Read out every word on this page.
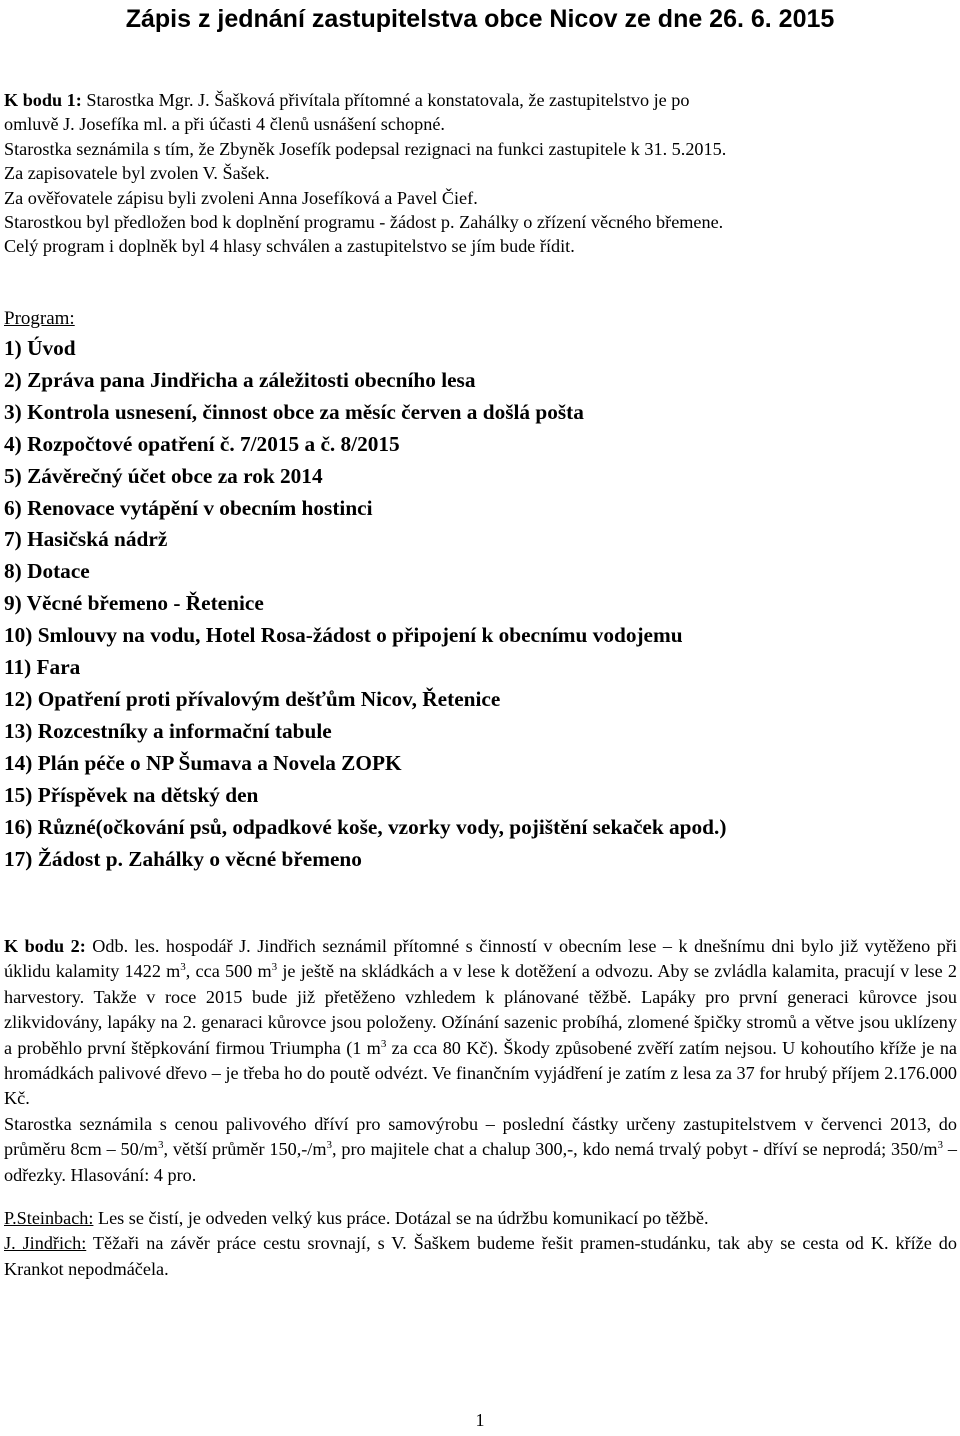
Zápis z jednání zastupitelstva obce Nicov ze dne 26. 6. 2015

K bodu 1: Starostka Mgr. J. Šašková přivítala přítomné a konstatovala, že zastupitelstvo je po

omluvě J. Josefíka ml. a při účasti 4 členů usnášení schopné.

Starostka seznámila s tím, že Zbyněk Josefík podepsal rezignaci na funkci zastupitele k 31. 5.2015.

Za zapisovatele byl zvolen V. Šašek.

Za ověřovatele zápisu byli zvoleni Anna Josefíková a Pavel Čief.

Starostkou byl předložen bod k doplnění programu - žádost p. Zahálky o zřízení věcného břemene.

Celý program i doplněk byl 4 hlasy schválen a zastupitelstvo se jím bude řídit.

Program:

1) Úvod
2) Zpráva pana Jindřicha a záležitosti obecního lesa
3) Kontrola usnesení, činnost obce za měsíc červen a došlá pošta
4) Rozpočtové opatření č. 7/2015 a č. 8/2015
5) Závěrečný účet obce za rok 2014
6) Renovace vytápění v obecním hostinci
7) Hasičská nádrž
8) Dotace
9) Věcné břemeno - Řetenice
10) Smlouvy na vodu, Hotel Rosa-žádost o připojení k obecnímu vodojemu
11) Fara
12) Opatření proti přívalovým dešťům Nicov, Řetenice
13) Rozcestníky a informační tabule
14) Plán péče o NP Šumava a Novela ZOPK
15) Příspěvek na dětský den
16) Různé(očkování psů, odpadkové koše, vzorky vody, pojištění sekaček apod.)
17) Žádost p. Zahálky o věcné břemeno

K bodu 2: Odb. les. hospodář J. Jindřich seznámil přítomné s činností v obecním lese – k dnešnímu dni bylo již vytěženo při úklidu kalamity 1422 $m^3$, cca 500 $m^3$ je ještě na skládkách a v lese k dotěžení a odvozu. Aby se zvládla kalamita, pracují v lese 2 harvestory. Takže v roce 2015 bude již přetěženo vzhledem k plánované těžbě. Lapáky pro první generaci kůrovce jsou zlikvidovány, lapáky na 2. genaraci kůrovce jsou položeny. Ožínání sazenic probíhá, zlomené špičky stromů a větve jsou uklízeny a proběhlo první štěpkování firmou Triumpha (1 $m^3$ za cca 80 Kč). Škody způsobené zvěří zatím nejsou. U kohoutího kříže je na hromádkách palivové dřevo – je třeba ho do poutě odvézt. Ve finančním vyjádření je zatím z lesa za 37 for hrubý příjem 2.176.000 Kč.

Starostka seznámila s cenou palivového dříví pro samovýrobu – poslední částky určeny zastupitelstvem v červenci 2013, do průměru $8cm - 50/m^3$, větší průměr $150,-/m^3$, pro majitele chat a chalup 300,-, kdo nemá trvalý pobyt - dříví se neprodá; $350/m^3$ – odřezky. Hlasování: 4 pro.

P.Steinbach: Les se čistí, je odveden velký kus práce. Dotázal se na údržbu komunikací po těžbě.

J. Jindřich: Těžaři na závěr práce cestu srovnají, s V. Šaškem budeme řešit pramen-studánku, tak aby se cesta od K. kříže do Krankot nepodmáčela.

1
